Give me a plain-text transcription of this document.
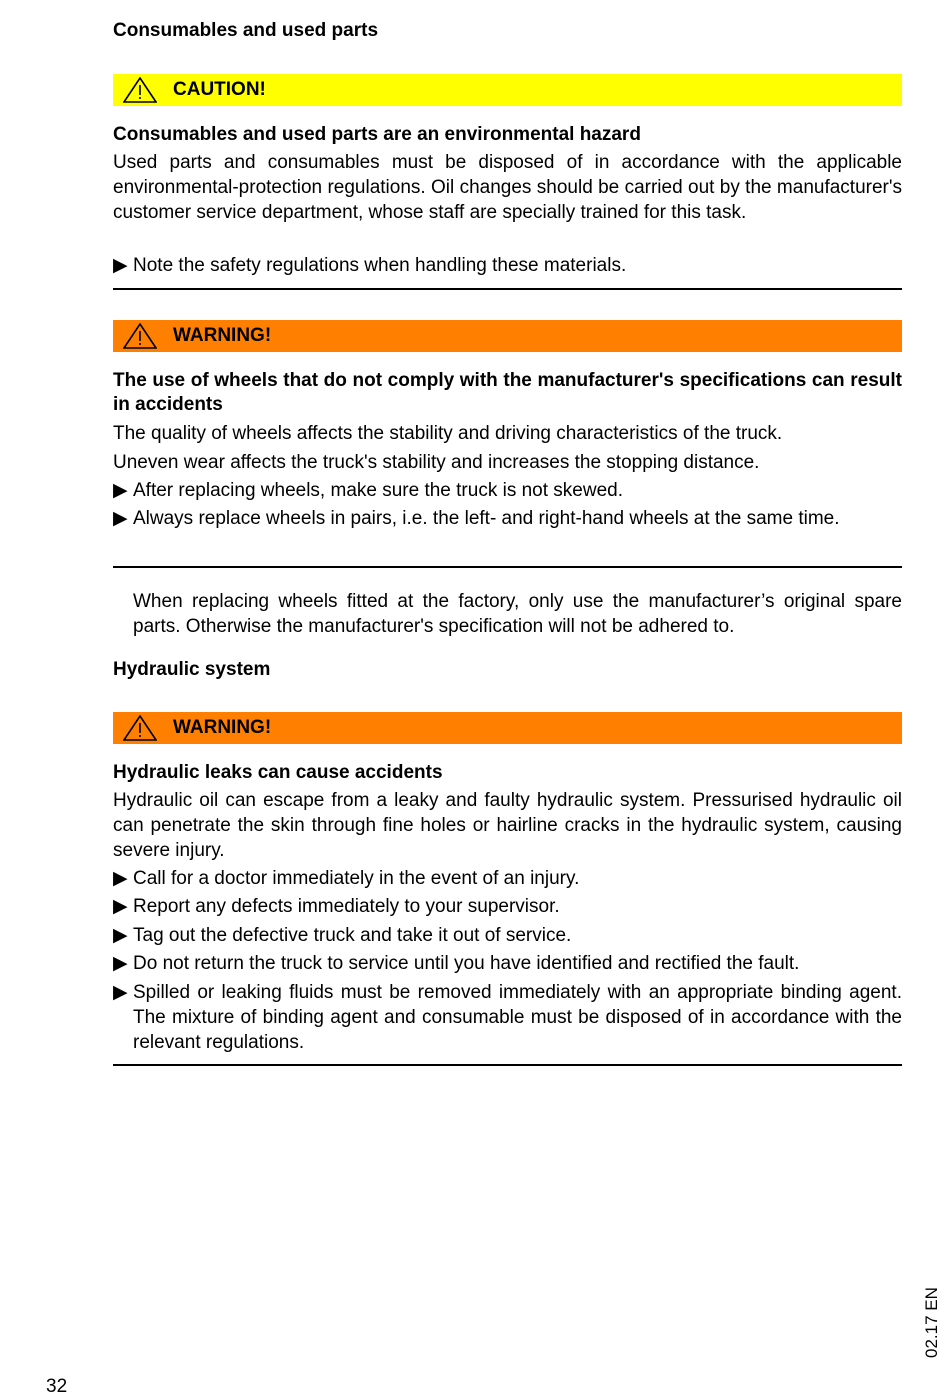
Consumables and used parts
CAUTION!
Consumables and used parts are an environmental hazard
Used parts and consumables must be disposed of in accordance with the applicable environmental-protection regulations. Oil changes should be carried out by the manufacturer's customer service department, whose staff are specially trained for this task.
▶ Note the safety regulations when handling these materials.
WARNING!
The use of wheels that do not comply with the manufacturer's specifications can result in accidents
The quality of wheels affects the stability and driving characteristics of the truck.
Uneven wear affects the truck's stability and increases the stopping distance.
▶ After replacing wheels, make sure the truck is not skewed.
▶ Always replace wheels in pairs, i.e. the left- and right-hand wheels at the same time.
When replacing wheels fitted at the factory, only use the manufacturer’s original spare parts. Otherwise the manufacturer's specification will not be adhered to.
Hydraulic system
WARNING!
Hydraulic leaks can cause accidents
Hydraulic oil can escape from a leaky and faulty hydraulic system. Pressurised hydraulic oil can penetrate the skin through fine holes or hairline cracks in the hydraulic system, causing severe injury.
▶ Call for a doctor immediately in the event of an injury.
▶ Report any defects immediately to your supervisor.
▶ Tag out the defective truck and take it out of service.
▶ Do not return the truck to service until you have identified and rectified the fault.
▶ Spilled or leaking fluids must be removed immediately with an appropriate binding agent. The mixture of binding agent and consumable must be disposed of in accordance with the relevant regulations.
02.17 EN
32
